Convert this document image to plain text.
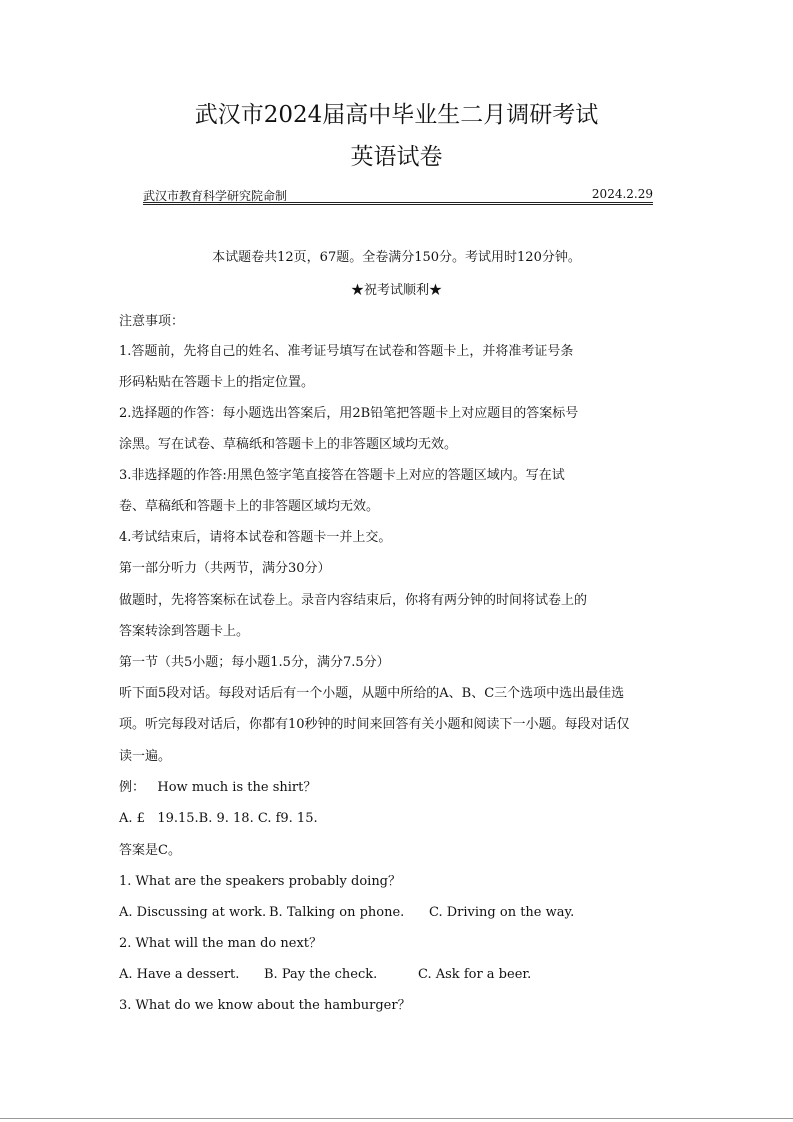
武汉市2024届高中毕业生二月调研考试
英语试卷
武汉市教育科学研究院命制	2024.2.29
本试题卷共12页，67题。全卷满分150分。考试用时120分钟。
★祝考试顺利★
注意事项：
1.答题前，先将自己的姓名、准考证号填写在试卷和答题卡上，并将准考证号条
形码粘贴在答题卡上的指定位置。
2.选择题的作答：每小题选出答案后，用2B铅笔把答题卡上对应题目的答案标号
涂黑。写在试卷、草稿纸和答题卡上的非答题区域均无效。
3.非选择题的作答:用黑色签字笔直接答在答题卡上对应的答题区域内。写在试
卷、草稿纸和答题卡上的非答题区域均无效。
4.考试结束后，请将本试卷和答题卡一并上交。
第一部分听力（共两节，满分30分）
做题时，先将答案标在试卷上。录音内容结束后，你将有两分钟的时间将试卷上的
答案转涂到答题卡上。
第一节（共5小题；每小题1.5分，满分7.5分）
听下面5段对话。每段对话后有一个小题，从题中所给的A、B、C三个选项中选出最佳选
项。听完每段对话后，你都有10秒钟的时间来回答有关小题和阅读下一小题。每段对话仅
读一遍。
例：   How much is the shirt？
A. £   19.15.B. 9. 18. C. f9. 15.
答案是C。
1. What are the speakers probably doing？
A. Discussing at work. B. Talking on phone. C. Driving on the way.
2. What will the man do next？
A. Have a dessert. B. Pay the check.	C. Ask for a beer.
3. What do we know about the hamburger？
